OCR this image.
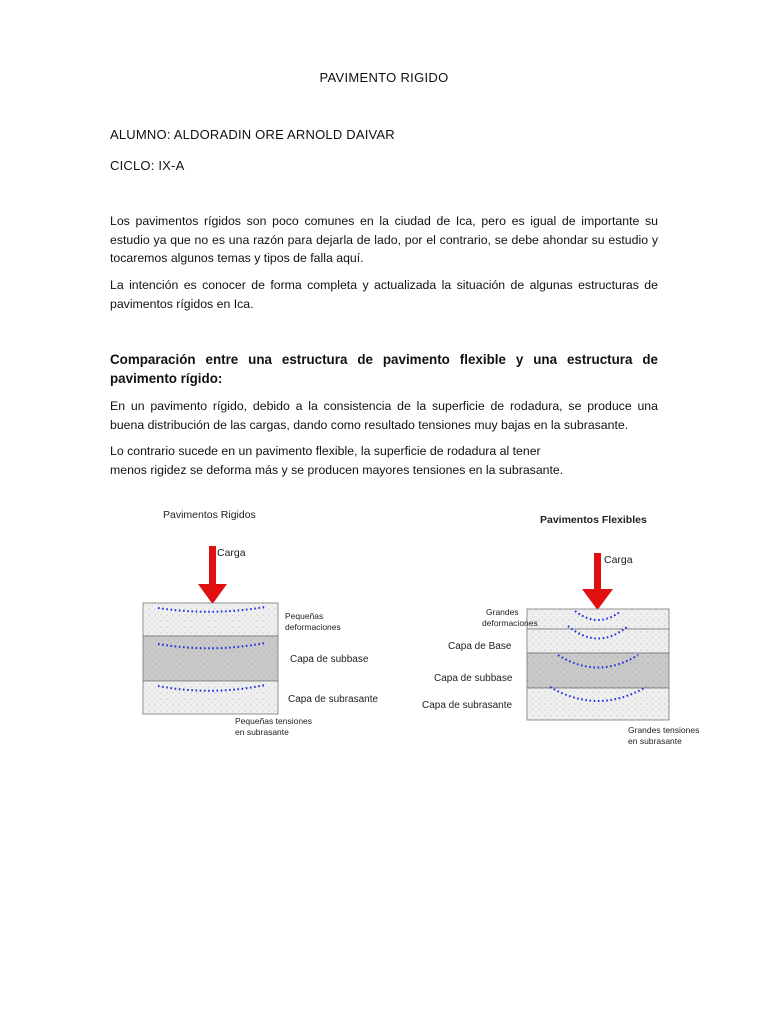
PAVIMENTO RIGIDO
ALUMNO: ALDORADIN ORE ARNOLD DAIVAR
CICLO: IX-A
Los pavimentos rígidos son poco comunes en la ciudad de Ica, pero es igual de importante su estudio ya que no es una razón para dejarla de lado, por el contrario, se debe ahondar su estudio y tocaremos algunos temas y tipos de falla aquí.
La intención es conocer de forma completa y actualizada la situación de algunas estructuras de pavimentos rígidos en Ica.
Comparación entre una estructura de pavimento flexible y una estructura de pavimento rígido:
En un pavimento rígido, debido a la consistencia de la superficie de rodadura, se produce una buena distribución de las cargas, dando como resultado tensiones muy bajas en la subrasante.
Lo contrario sucede en un pavimento flexible, la superficie de rodadura al tener
menos rigidez se deforma más y se producen mayores tensiones en la subrasante.
Pavimentos Rigidos
Carga
Pequeñas
deformaciones
Capa de subbase
Capa de subrasante
Pequeñas tensiones
en subrasante
Pavimentos Flexibles
Carga
Grandes
deformaciones
Capa de Base
Capa de subbase
Capa de subrasante
Grandes tensiones
en subrasante
